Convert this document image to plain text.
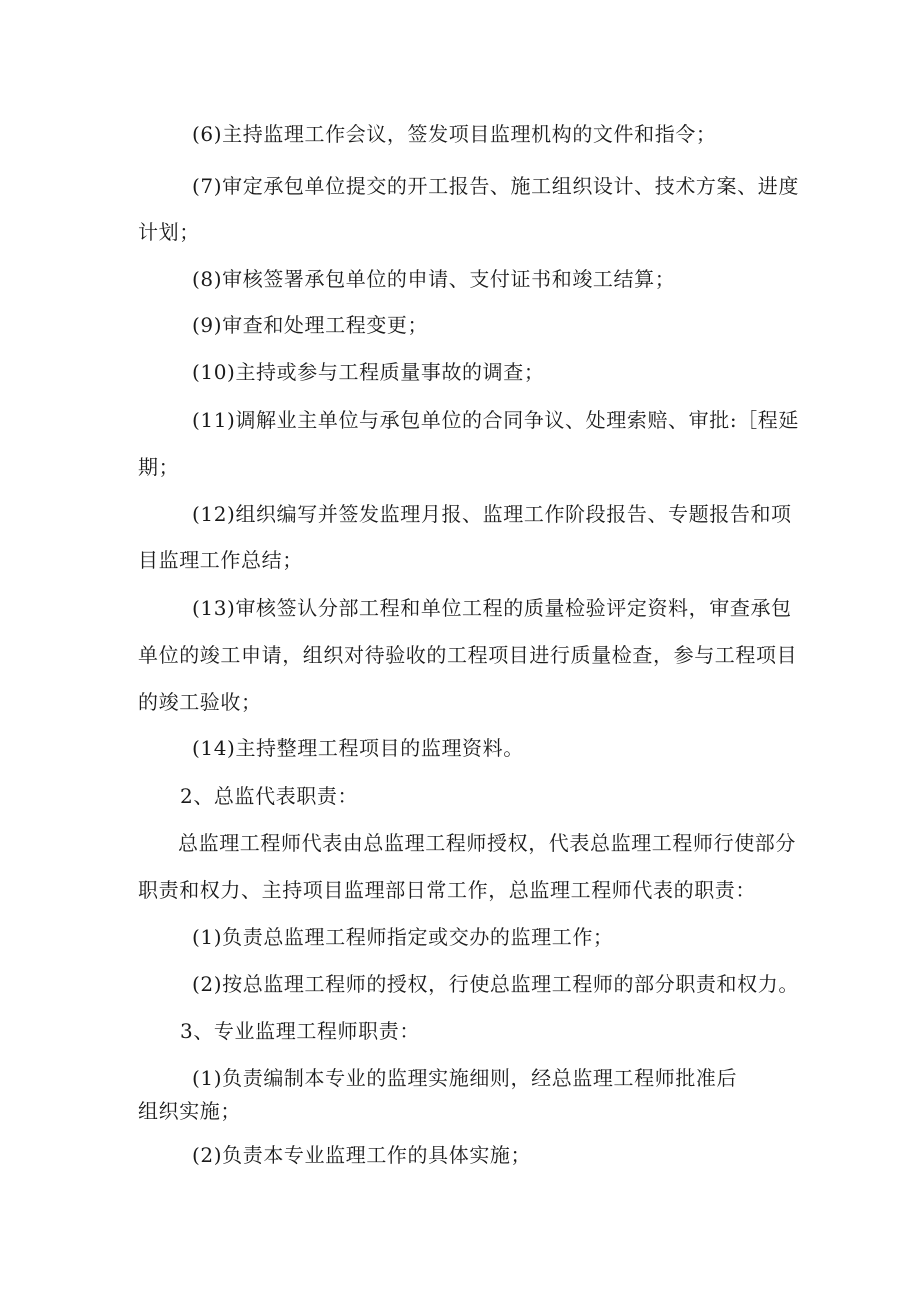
(6)主持监理工作会议，签发项目监理机构的文件和指令；
(7)审定承包单位提交的开工报告、施工组织设计、技术方案、进度
计划；
(8)审核签署承包单位的申请、支付证书和竣工结算；
(9)审查和处理工程变更；
(10)主持或参与工程质量事故的调查；
(11)调解业主单位与承包单位的合同争议、处理索赔、审批:［程延
期；
(12)组织编写并签发监理月报、监理工作阶段报告、专题报告和项
目监理工作总结；
(13)审核签认分部工程和单位工程的质量检验评定资料，审查承包
单位的竣工申请，组织对待验收的工程项目进行质量检查，参与工程项目
的竣工验收；
(14)主持整理工程项目的监理资料。
2、总监代表职责：
总监理工程师代表由总监理工程师授权，代表总监理工程师行使部分
职责和权力、主持项目监理部日常工作，总监理工程师代表的职责：
(1)负责总监理工程师指定或交办的监理工作；
(2)按总监理工程师的授权，行使总监理工程师的部分职责和权力。
3、专业监理工程师职责：
(1)负责编制本专业的监理实施细则，经总监理工程师批准后
组织实施；
(2)负责本专业监理工作的具体实施；
